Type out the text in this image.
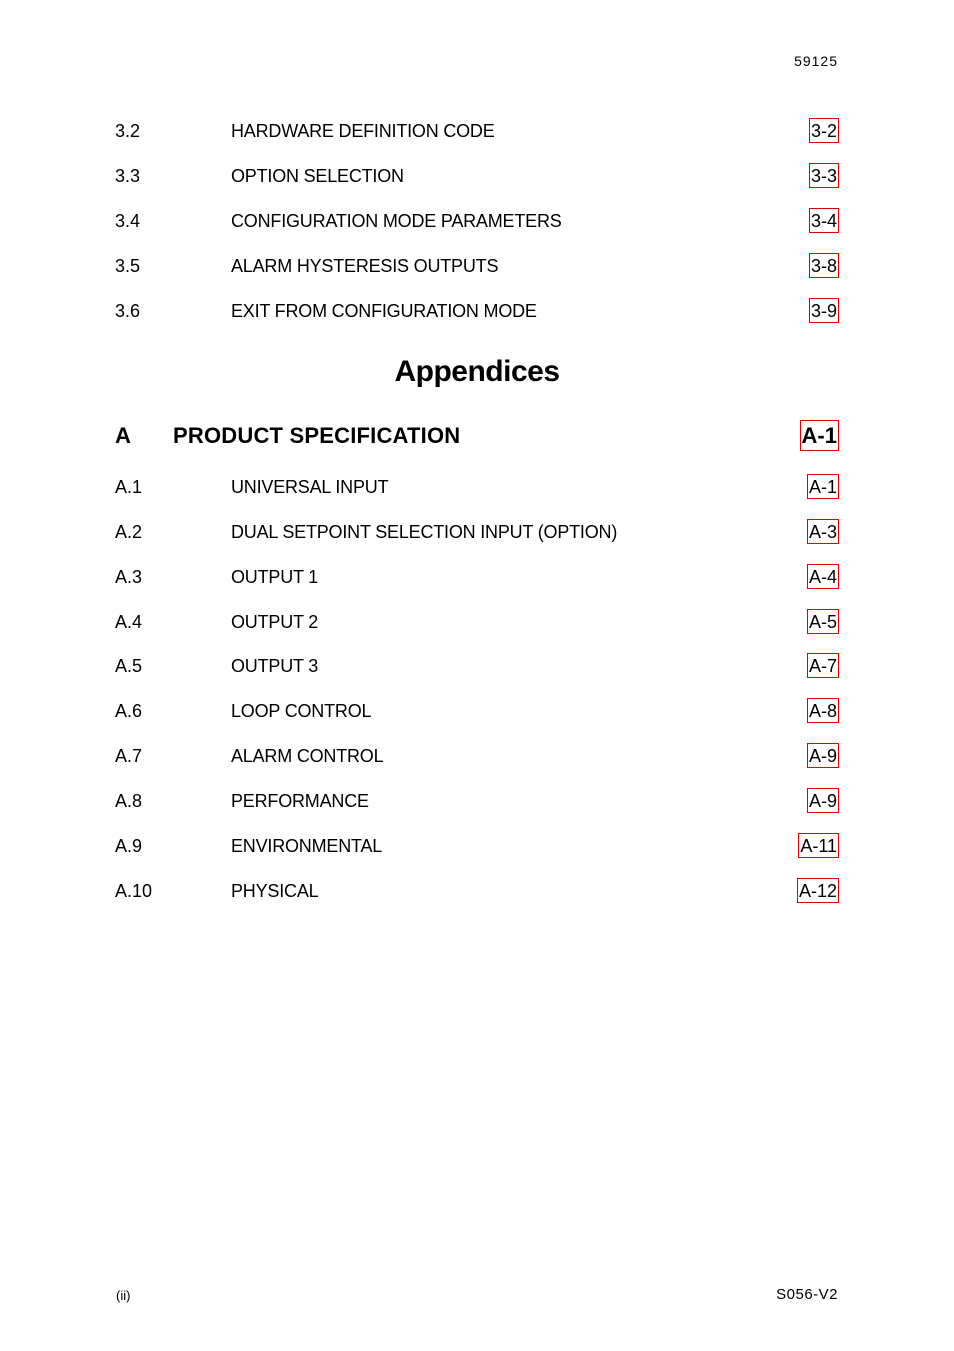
59125
3.2	HARDWARE DEFINITION CODE	3-2
3.3	OPTION SELECTION	3-3
3.4	CONFIGURATION MODE PARAMETERS	3-4
3.5	ALARM HYSTERESIS OUTPUTS	3-8
3.6	EXIT FROM CONFIGURATION MODE	3-9
Appendices
A PRODUCT SPECIFICATION	A-1
A.1	UNIVERSAL INPUT	A-1
A.2	DUAL SETPOINT SELECTION INPUT (OPTION)	A-3
A.3	OUTPUT 1	A-4
A.4	OUTPUT 2	A-5
A.5	OUTPUT 3	A-7
A.6	LOOP CONTROL	A-8
A.7	ALARM CONTROL	A-9
A.8	PERFORMANCE	A-9
A.9	ENVIRONMENTAL	A-11
A.10	PHYSICAL	A-12
(ii)	S056-V2
